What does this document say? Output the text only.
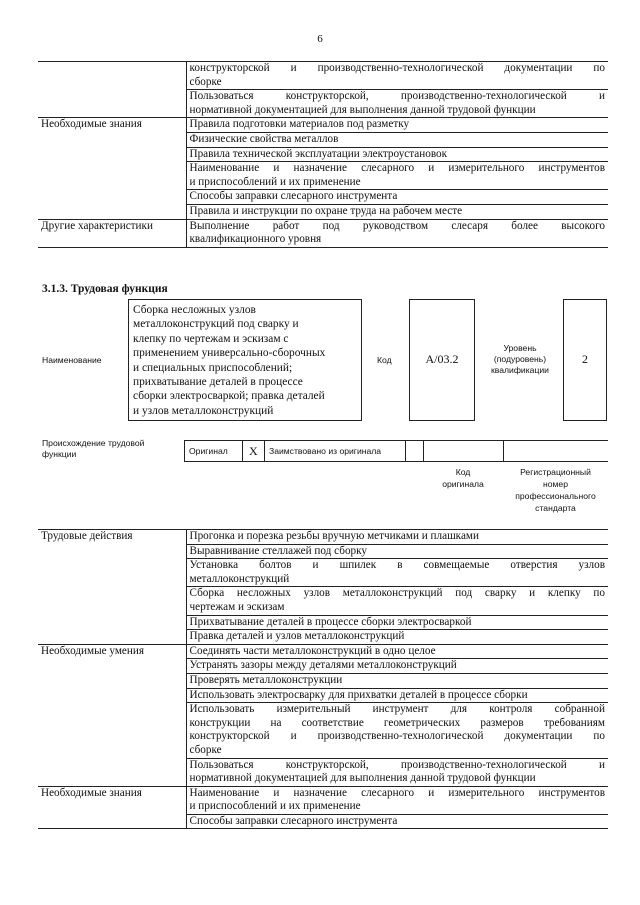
6

	конструкторской и производственно-технологической документации по
сборке

	Пользоваться конструкторской, производственно-технологической и
нормативной документацией для выполнения данной трудовой функции

Необходимые знания	Правила подготовки материалов под разметку

	Физические свойства металлов

	Правила технической эксплуатации электроустановок

	Наименование и назначение слесарного и измерительного инструментов
и приспособлений и их применение

	Способы заправки слесарного инструмента

	Правила и инструкции по охране труда на рабочем месте

Другие характеристики	Выполнение работ под руководством слесаря более высокого
квалификационного уровня
3.1.3. Трудовая функция
Наименование
Сборка несложных узлов
металлоконструкций под сварку и
клепку по чертежам и эскизам с
применением универсально-сборочных
и специальных приспособлений;
прихватывание деталей в процессе
сборки электросваркой; правка деталей
и узлов металлоконструкций
Код	А/03.2
Уровень
(подуровень)
квалификации
2
Происхождение трудовой
функции	Оригинал	X	Заимствовано из оригинала
Код
оригинала
Регистрационный
номер
профессионального
стандарта
Трудовые действия	Прогонка и порезка резьбы вручную метчиками и плашками

	Выравнивание стеллажей под сборку

	Установка болтов и шпилек в совмещаемые отверстия узлов
металлоконструкций

	Сборка несложных узлов металлоконструкций под сварку и клепку по
чертежам и эскизам

	Прихватывание деталей в процессе сборки электросваркой

	Правка деталей и узлов металлоконструкций

Необходимые умения	Соединять части металлоконструкций в одно целое

	Устранять зазоры между деталями металлоконструкций

	Проверять металлоконструкции

	Использовать электросварку для прихватки деталей в процессе сборки

	Использовать измерительный инструмент для контроля собранной
конструкции на соответствие геометрических размеров требованиям
конструкторской и производственно-технологической документации по
сборке

	Пользоваться конструкторской, производственно-технологической и
нормативной документацией для выполнения данной трудовой функции

Необходимые знания	Наименование и назначение слесарного и измерительного инструментов
и приспособлений и их применение

	Способы заправки слесарного инструмента
